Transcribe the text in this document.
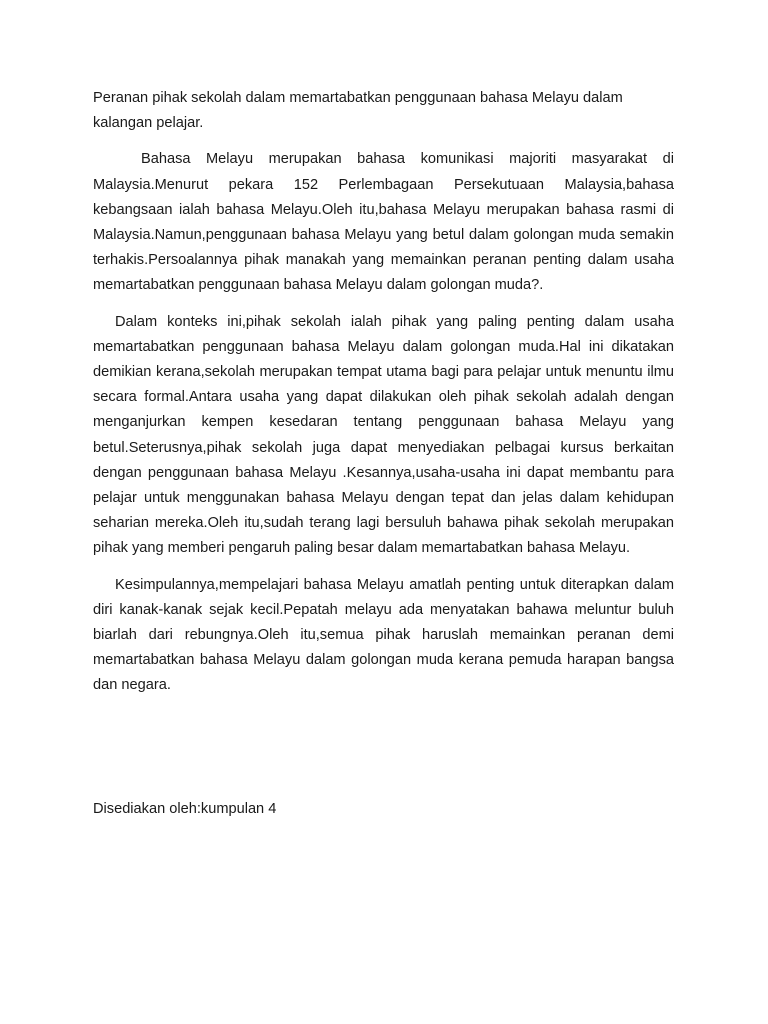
Peranan pihak sekolah dalam memartabatkan penggunaan bahasa Melayu dalam kalangan pelajar.

Bahasa Melayu merupakan bahasa komunikasi majoriti masyarakat di Malaysia.Menurut pekara 152 Perlembagaan Persekutuaan Malaysia,bahasa kebangsaan ialah bahasa Melayu.Oleh itu,bahasa Melayu merupakan bahasa rasmi di Malaysia.Namun,penggunaan bahasa Melayu yang betul dalam golongan muda semakin terhakis.Persoalannya pihak manakah yang memainkan peranan penting dalam usaha memartabatkan penggunaan bahasa Melayu dalam golongan muda?.

Dalam konteks ini,pihak sekolah ialah pihak yang paling penting dalam usaha memartabatkan penggunaan bahasa Melayu dalam golongan muda.Hal ini dikatakan demikian kerana,sekolah merupakan tempat utama bagi para pelajar untuk menuntu ilmu secara formal.Antara usaha yang dapat dilakukan oleh pihak sekolah adalah dengan menganjurkan kempen kesedaran tentang penggunaan bahasa Melayu yang betul.Seterusnya,pihak sekolah juga dapat menyediakan pelbagai kursus berkaitan dengan penggunaan bahasa Melayu .Kesannya,usaha-usaha ini dapat membantu para pelajar untuk menggunakan bahasa Melayu dengan tepat dan jelas dalam kehidupan seharian mereka.Oleh itu,sudah terang lagi bersuluh bahawa pihak sekolah merupakan pihak yang memberi pengaruh paling besar dalam memartabatkan bahasa Melayu.

Kesimpulannya,mempelajari bahasa Melayu amatlah penting untuk diterapkan dalam diri kanak-kanak sejak kecil.Pepatah melayu ada menyatakan bahawa meluntur buluh biarlah dari rebungnya.Oleh itu,semua pihak haruslah memainkan peranan demi memartabatkan bahasa Melayu dalam golongan muda kerana pemuda harapan bangsa dan negara.

Disediakan oleh:kumpulan 4
